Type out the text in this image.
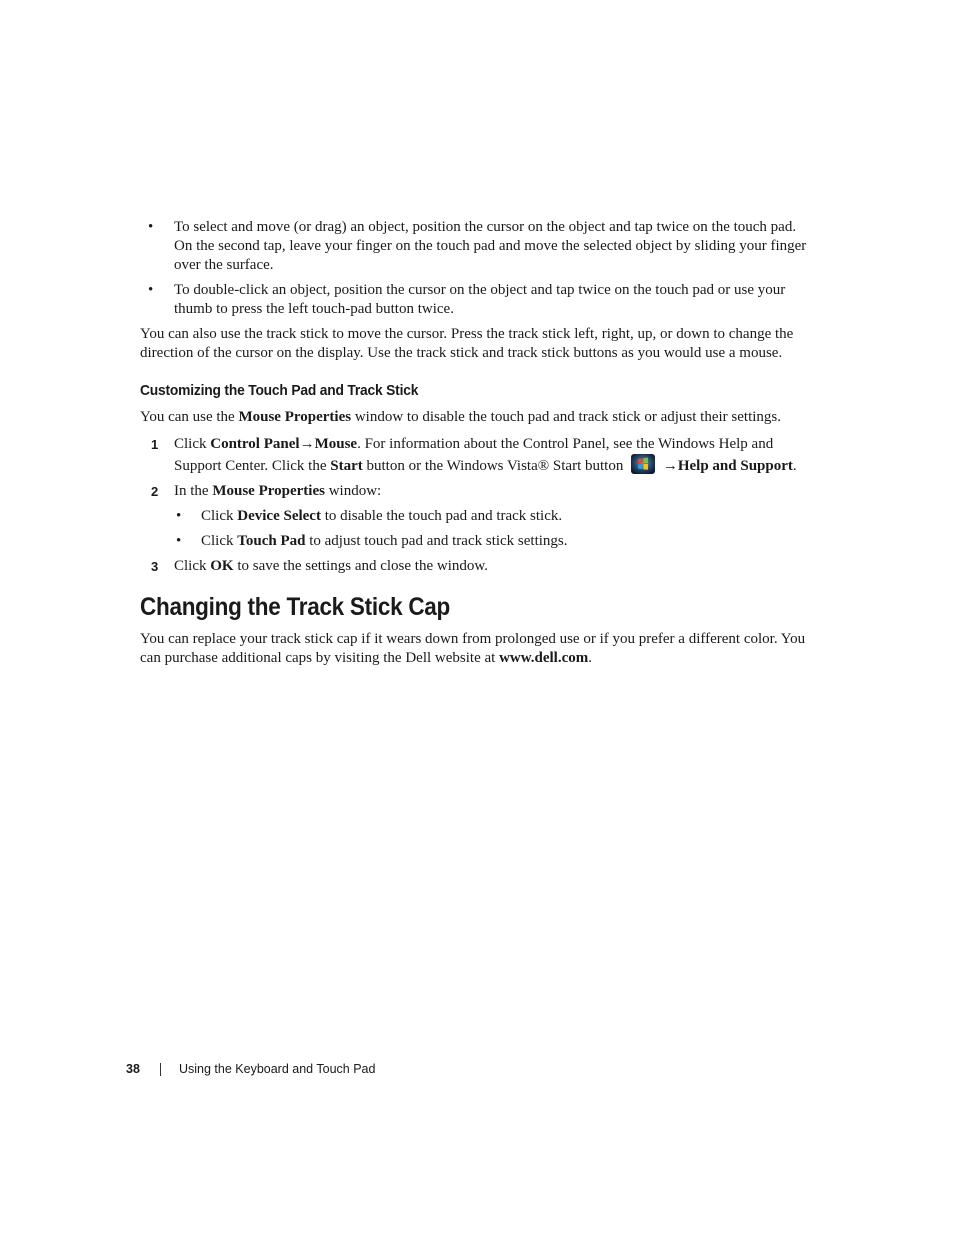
• To select and move (or drag) an object, position the cursor on the object and tap twice on the touch pad. On the second tap, leave your finger on the touch pad and move the selected object by sliding your finger over the surface.
• To double-click an object, position the cursor on the object and tap twice on the touch pad or use your thumb to press the left touch-pad button twice.

You can also use the track stick to move the cursor. Press the track stick left, right, up, or down to change the direction of the cursor on the display. Use the track stick and track stick buttons as you would use a mouse.

Customizing the Touch Pad and Track Stick

You can use the Mouse Properties window to disable the touch pad and track stick or adjust their settings.

1 Click Control Panel→Mouse. For information about the Control Panel, see the Windows Help and Support Center. Click the Start button or the Windows Vista® Start button	→Help and Support.
2 In the Mouse Properties window:
• Click Device Select to disable the touch pad and track stick.
• Click Touch Pad to adjust touch pad and track stick settings.
3 Click OK to save the settings and close the window.
Changing the Track Stick Cap

You can replace your track stick cap if it wears down from prolonged use or if you prefer a different color. You can purchase additional caps by visiting the Dell website at www.dell.com.

38	Using the Keyboard and Touch Pad
